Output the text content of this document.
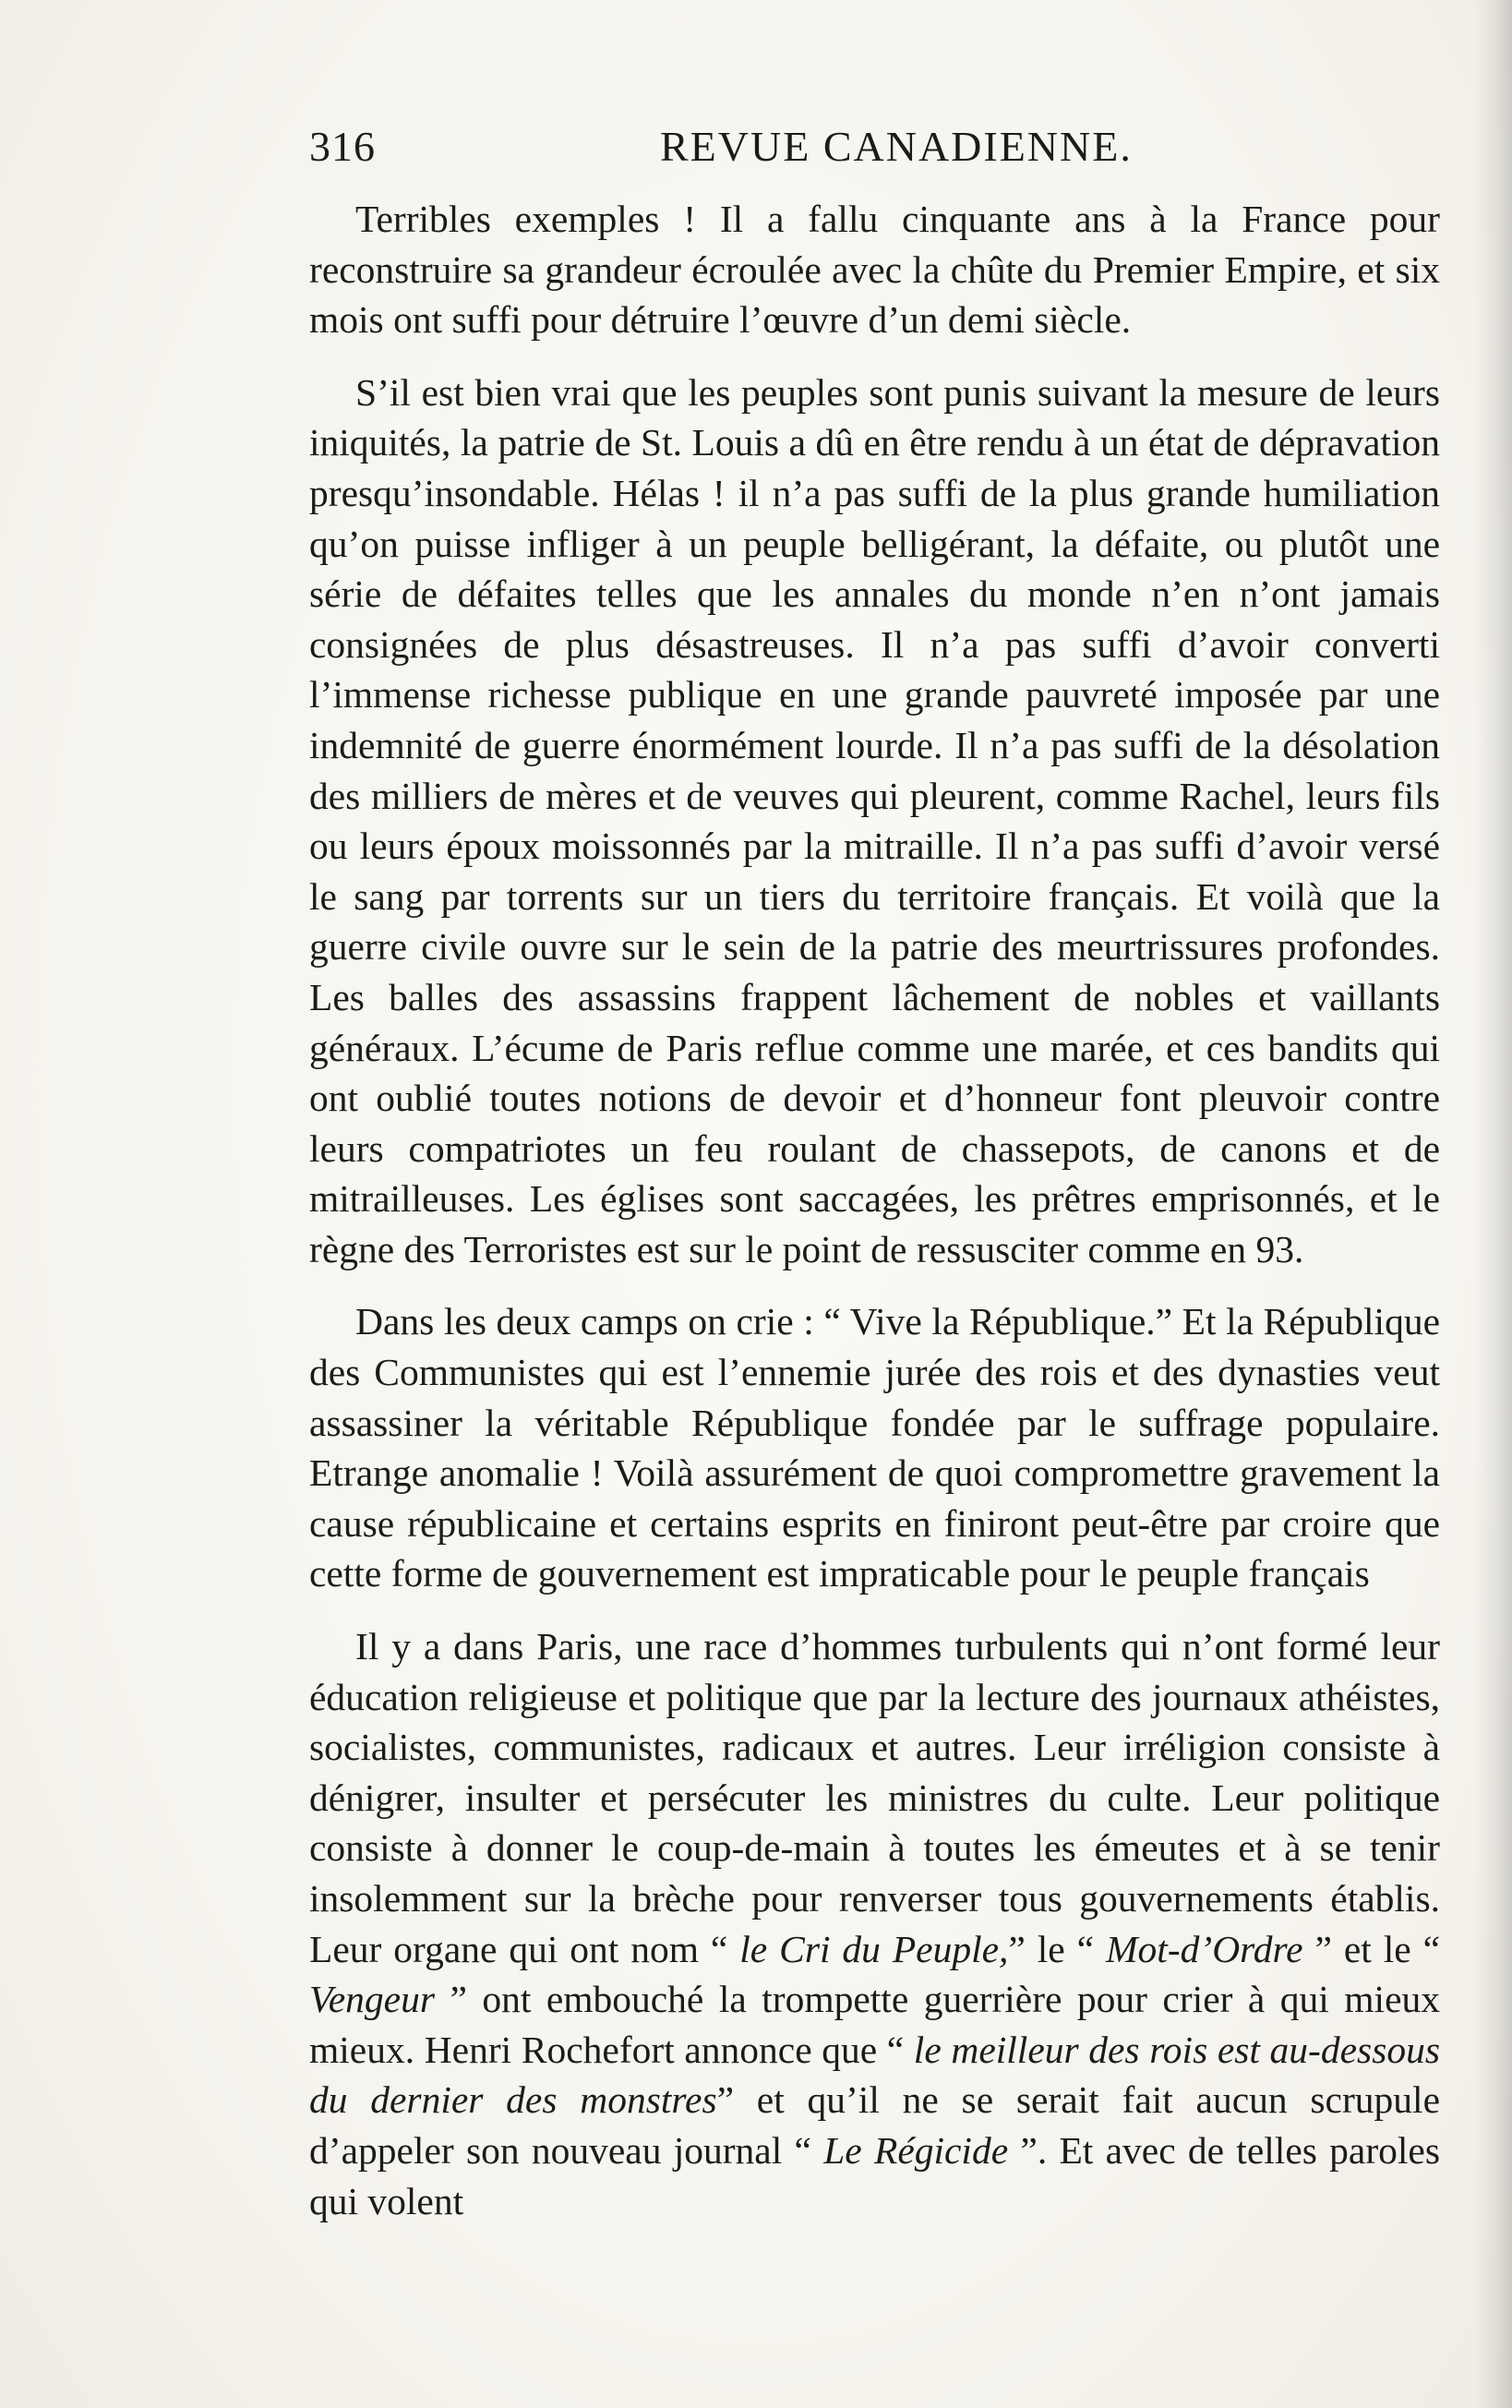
316	REVUE CANADIENNE.

Terribles exemples ! Il a fallu cinquante ans à la France pour reconstruire sa grandeur écroulée avec la chûte du Premier Empire, et six mois ont suffi pour détruire l’œuvre d’un demi siècle.

S’il est bien vrai que les peuples sont punis suivant la mesure de leurs iniquités, la patrie de St. Louis a dû en être rendu à un état de dépravation presqu’insondable. Hélas ! il n’a pas suffi de la plus grande humiliation qu’on puisse infliger à un peuple belligérant, la défaite, ou plutôt une série de défaites telles que les annales du monde n’en n’ont jamais consignées de plus désastreuses. Il n’a pas suffi d’avoir converti l’immense richesse publique en une grande pauvreté imposée par une indemnité de guerre énormément lourde. Il n’a pas suffi de la désolation des milliers de mères et de veuves qui pleurent, comme Rachel, leurs fils ou leurs époux moissonnés par la mitraille. Il n’a pas suffi d’avoir versé le sang par torrents sur un tiers du territoire français. Et voilà que la guerre civile ouvre sur le sein de la patrie des meurtrissures profondes. Les balles des assassins frappent lâchement de nobles et vaillants généraux. L’écume de Paris reflue comme une marée, et ces bandits qui ont oublié toutes notions de devoir et d’honneur font pleuvoir contre leurs compatriotes un feu roulant de chassepots, de canons et de mitrailleuses. Les églises sont saccagées, les prêtres emprisonnés, et le règne des Terroristes est sur le point de ressusciter comme en 93.

Dans les deux camps on crie : “ Vive la République.” Et la République des Communistes qui est l’ennemie jurée des rois et des dynasties veut assassiner la véritable République fondée par le suffrage populaire. Etrange anomalie ! Voilà assurément de quoi compromettre gravement la cause républicaine et certains esprits en finiront peut-être par croire que cette forme de gouvernement est impraticable pour le peuple français

Il y a dans Paris, une race d’hommes turbulents qui n’ont formé leur éducation religieuse et politique que par la lecture des journaux athéistes, socialistes, communistes, radicaux et autres. Leur irréligion consiste à dénigrer, insulter et persécuter les ministres du culte. Leur politique consiste à donner le coup-de-main à toutes les émeutes et à se tenir insolemment sur la brèche pour renverser tous gouvernements établis. Leur organe qui ont nom “ le Cri du Peuple,” le “ Mot-d’Ordre ” et le “ Vengeur ” ont embouché la trompette guerrière pour crier à qui mieux mieux. Henri Rochefort annonce que “ le meilleur des rois est au-dessous du dernier des monstres” et qu’il ne se serait fait aucun scrupule d’appeler son nouveau journal “ Le Régicide ”. Et avec de telles paroles qui volent
